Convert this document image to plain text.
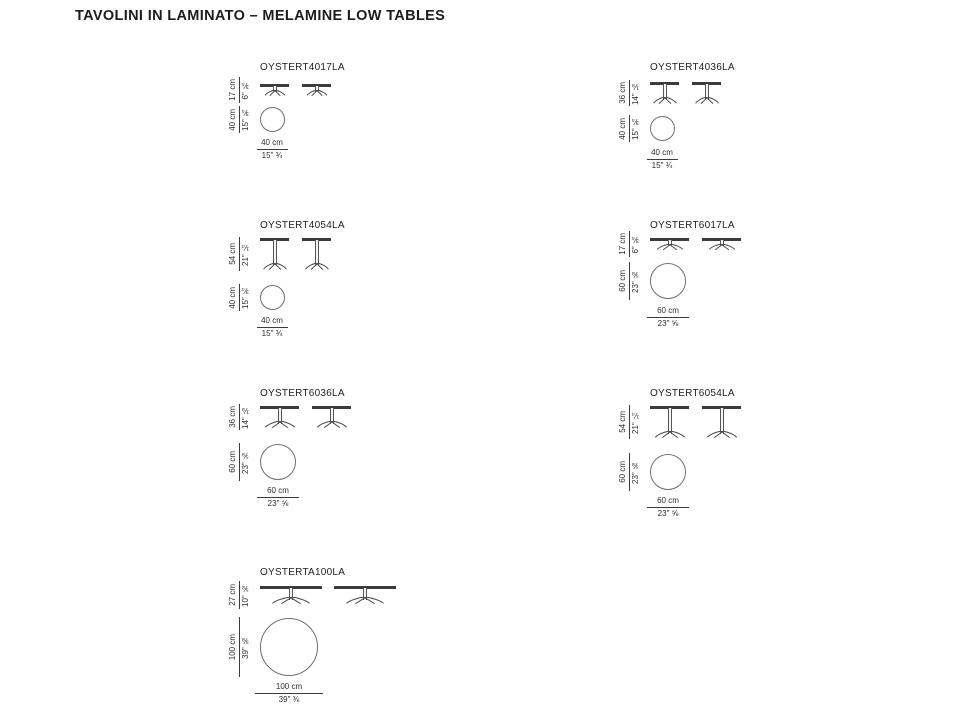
TAVOLINI IN LAMINATO – MELAMINE LOW TABLES
OYSTERT4017LA
17 cm 6" ¾
40 cm 15" ¾
40 cm
15" ¾
OYSTERT4036LA
36 cm 14" ⅛
40 cm 15" ¾
40 cm
15" ¾
OYSTERT4054LA
54 cm 21" ¼
40 cm 15" ¾
40 cm
15" ¾
OYSTERT6017LA
17 cm 6" ¾
60 cm 23" ⅝
60 cm
23" ⅝
OYSTERT6036LA
36 cm 14" ⅛
60 cm 23" ⅝
60 cm
23" ⅝
OYSTERT6054LA
54 cm 21" ¼
60 cm 23" ⅝
60 cm
23" ⅝
OYSTERTA100LA
27 cm 10" ⅝
100 cm 39" ⅜
100 cm
39" ⅜
